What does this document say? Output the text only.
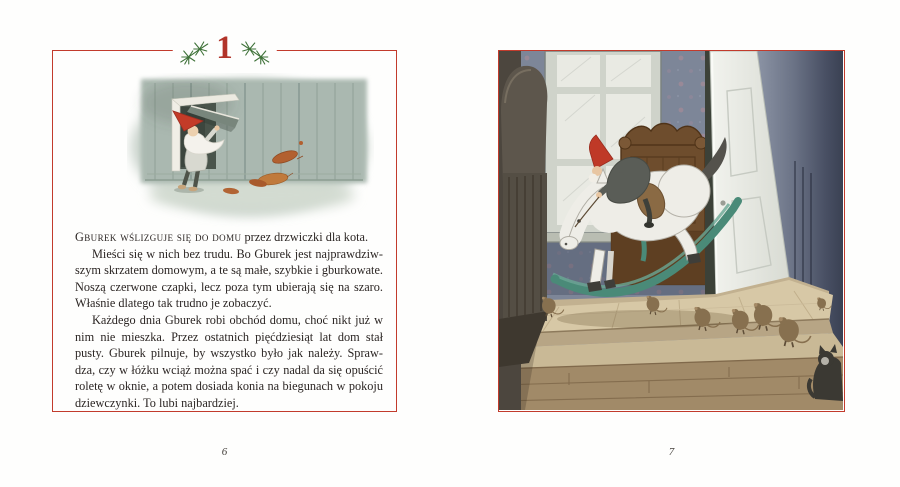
1

Gburek wślizguje się do domu przez drzwiczki dla kota.

Mieści się w nich bez trudu. Bo Gburek jest najprawdziwszym skrzatem domowym, a te są małe, szybkie i gburkowate. Noszą czerwone czapki, lecz poza tym ubierają się na szaro. Właśnie dlatego tak trudno je zobaczyć.

Każdego dnia Gburek robi obchód domu, choć nikt już w nim nie mieszka. Przez ostatnich pięćdziesiąt lat dom stał pusty. Gburek pilnuje, by wszystko było jak należy. Sprawdza, czy w łóżku wciąż można spać i czy nadal da się opuścić roletę w oknie, a potem dosiada konia na biegunach w pokoju dziewczynki. To lubi najbardziej.

6	7
